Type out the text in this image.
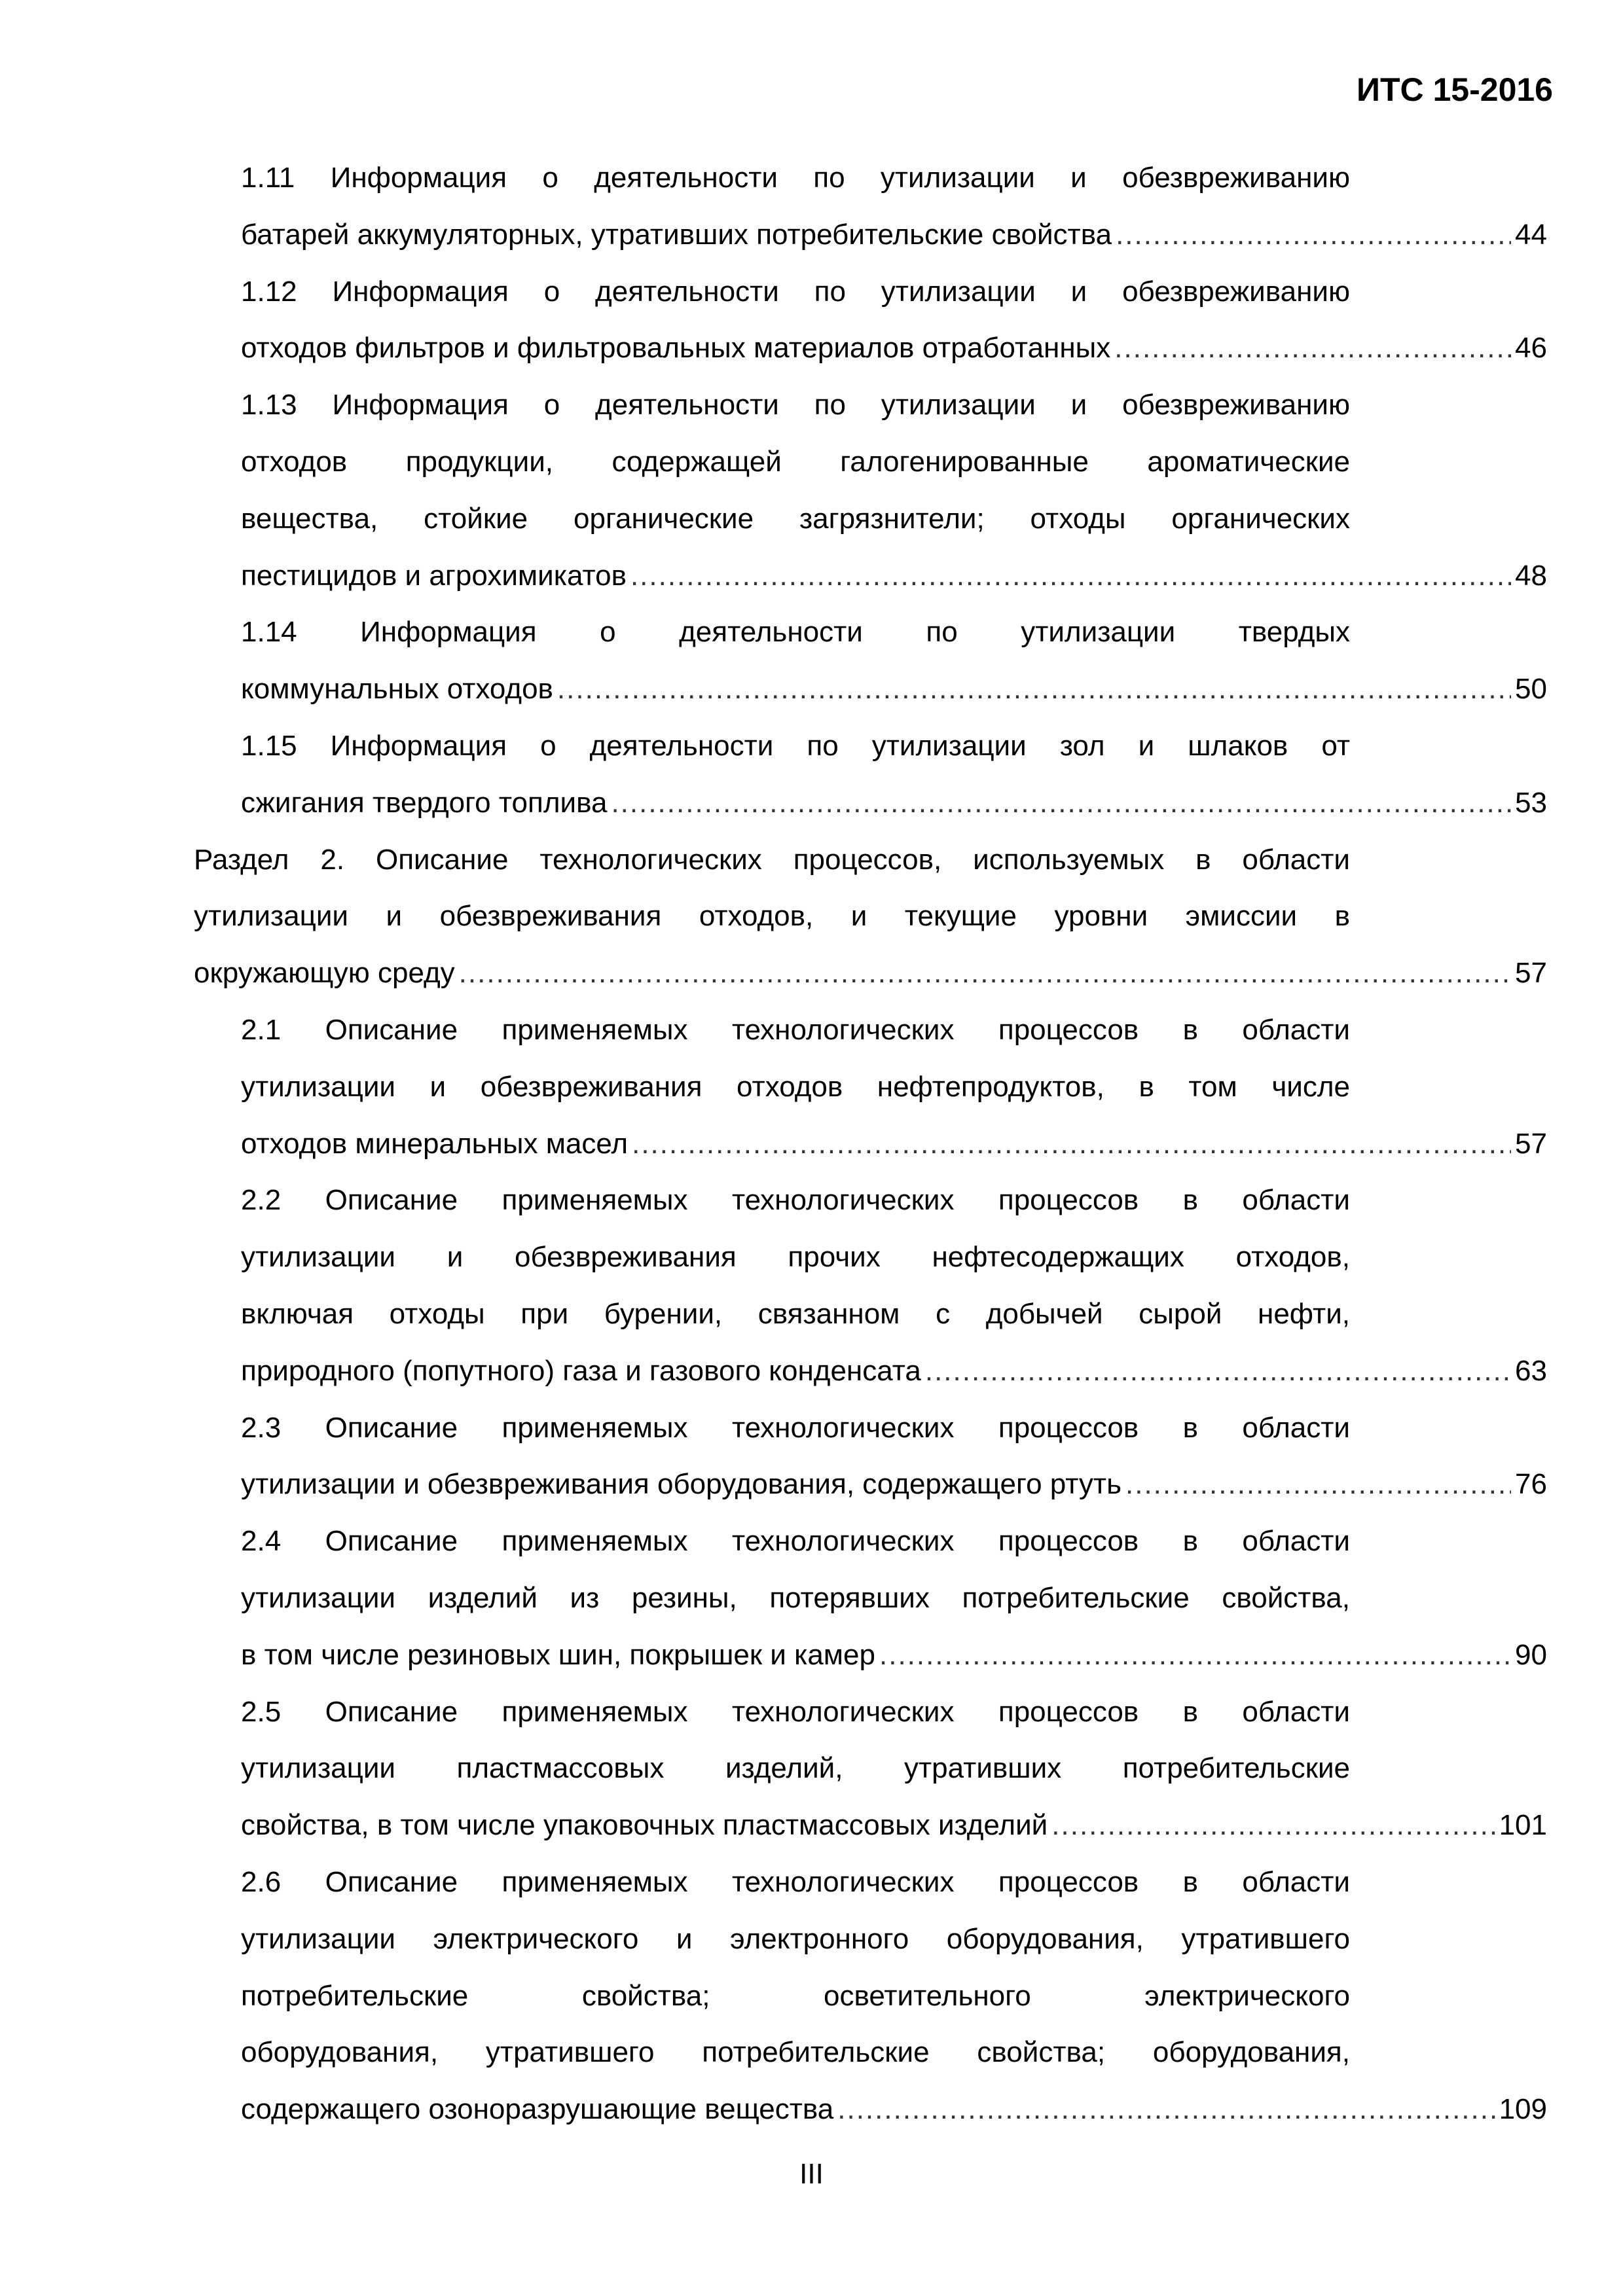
ИТС 15-2016
1.11 Информация о деятельности по утилизации и обезвреживанию
батарей аккумуляторных, утративших потребительские свойства .....	44
1.12 Информация о деятельности по утилизации и обезвреживанию
отходов фильтров и фильтровальных материалов отработанных .....	46
1.13 Информация о деятельности по утилизации и обезвреживанию
отходов продукции, содержащей галогенированные ароматические
вещества, стойкие органические загрязнители; отходы органических
пестицидов и агрохимикатов .....	48
1.14 Информация о деятельности по утилизации твердых
коммунальных отходов .....	50
1.15 Информация о деятельности по утилизации зол и шлаков от
сжигания твердого топлива .....	53
Раздел 2. Описание технологических процессов, используемых в области
утилизации и обезвреживания отходов, и текущие уровни эмиссии в
окружающую среду .....	57
2.1 Описание применяемых технологических процессов в области
утилизации и обезвреживания отходов нефтепродуктов, в том числе
отходов минеральных масел .....	57
2.2 Описание применяемых технологических процессов в области
утилизации и обезвреживания прочих нефтесодержащих отходов,
включая отходы при бурении, связанном с добычей сырой нефти,
природного (попутного) газа и газового конденсата .....	63
2.3 Описание применяемых технологических процессов в области
утилизации и обезвреживания оборудования, содержащего ртуть .....	76
2.4 Описание применяемых технологических процессов в области
утилизации изделий из резины, потерявших потребительские свойства,
в том числе резиновых шин, покрышек и камер .....	90
2.5 Описание применяемых технологических процессов в области
утилизации пластмассовых изделий, утративших потребительские
свойства, в том числе упаковочных пластмассовых изделий .....	101
2.6 Описание применяемых технологических процессов в области
утилизации электрического и электронного оборудования, утратившего
потребительские свойства; осветительного электрического
оборудования, утратившего потребительские свойства; оборудования,
содержащего озоноразрушающие вещества .....	109
III
